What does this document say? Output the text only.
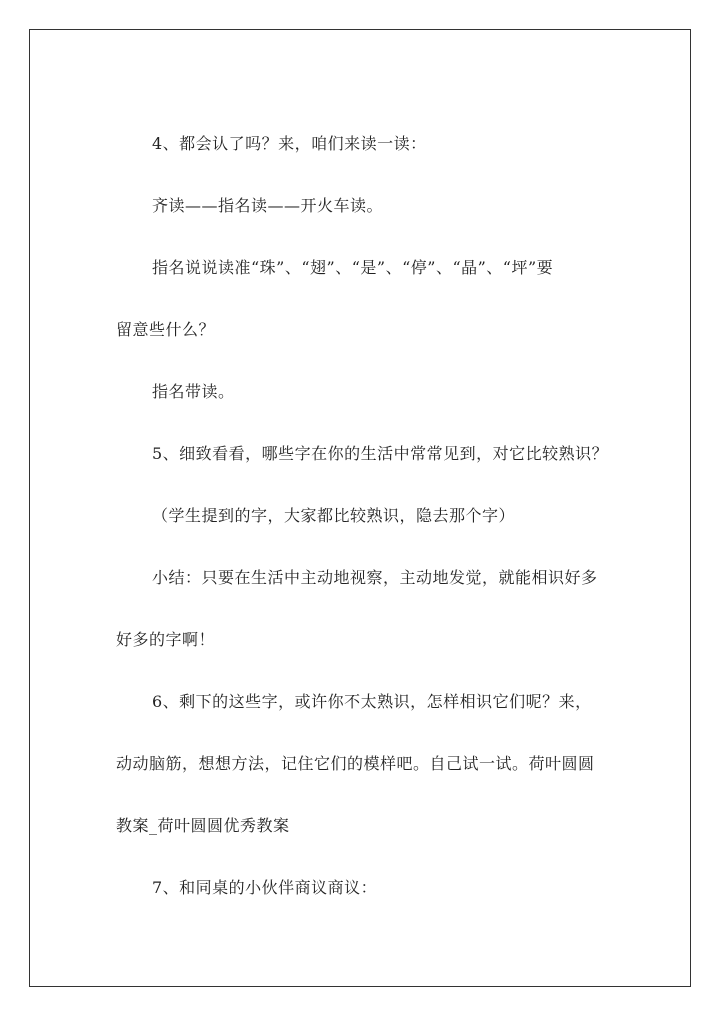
4、都会认了吗？来，咱们来读一读：
齐读——指名读——开火车读。
指名说说读准“珠”、“翅”、“是”、“停”、“晶”、“坪”要
留意些什么？
指名带读。
5、细致看看，哪些字在你的生活中常常见到，对它比较熟识？
（学生提到的字，大家都比较熟识，隐去那个字）
小结：只要在生活中主动地视察，主动地发觉，就能相识好多
好多的字啊！
6、剩下的这些字，或许你不太熟识，怎样相识它们呢？来，
动动脑筋，想想方法，记住它们的模样吧。自己试一试。荷叶圆圆
教案_荷叶圆圆优秀教案
7、和同桌的小伙伴商议商议：
